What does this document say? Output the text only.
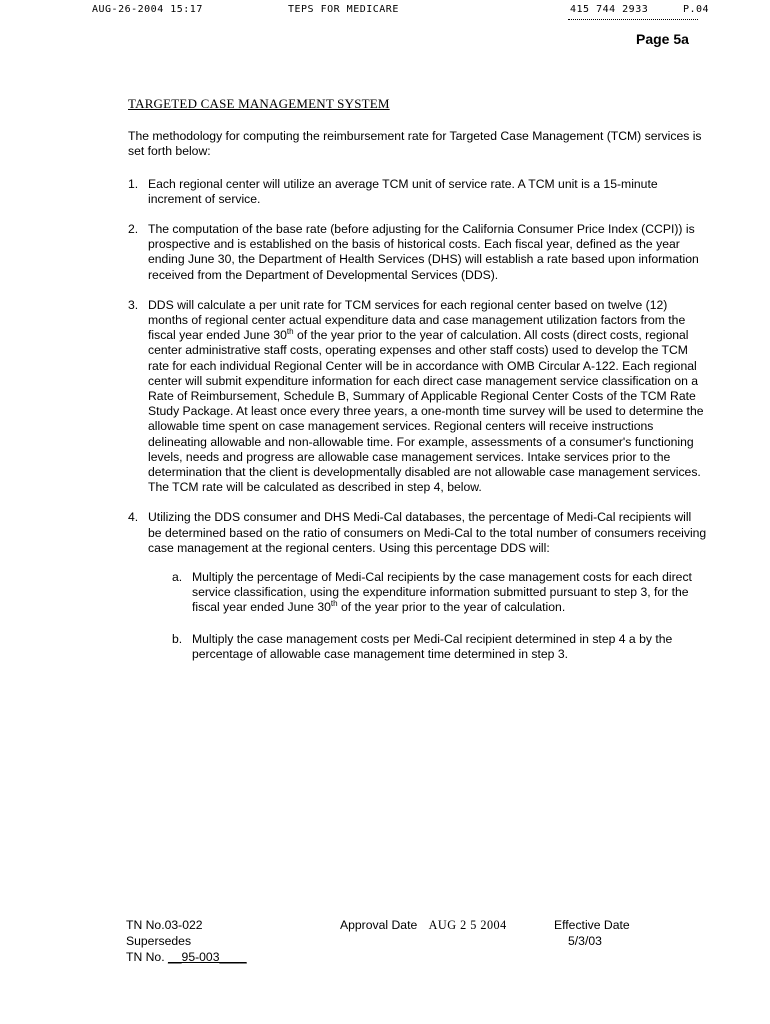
AUG-26-2004 15:17	TEPS FOR MEDICARE	415 744 2933	P.04
Page 5a
TARGETED CASE MANAGEMENT SYSTEM

The methodology for computing the reimbursement rate for Targeted Case Management (TCM) services is set forth below:

1. Each regional center will utilize an average TCM unit of service rate. A TCM unit is a 15-minute increment of service.
2. The computation of the base rate (before adjusting for the California Consumer Price Index (CCPI)) is prospective and is established on the basis of historical costs. Each fiscal year, defined as the year ending June 30, the Department of Health Services (DHS) will establish a rate based upon information received from the Department of Developmental Services (DDS).
3. DDS will calculate a per unit rate for TCM services for each regional center based on twelve (12) months of regional center actual expenditure data and case management utilization factors from the fiscal year ended June 30th of the year prior to the year of calculation. All costs (direct costs, regional center administrative staff costs, operating expenses and other staff costs) used to develop the TCM rate for each individual Regional Center will be in accordance with OMB Circular A-122. Each regional center will submit expenditure information for each direct case management service classification on a Rate of Reimbursement, Schedule B, Summary of Applicable Regional Center Costs of the TCM Rate Study Package. At least once every three years, a one-month time survey will be used to determine the allowable time spent on case management services. Regional centers will receive instructions delineating allowable and non-allowable time. For example, assessments of a consumer's functioning levels, needs and progress are allowable case management services. Intake services prior to the determination that the client is developmentally disabled are not allowable case management services. The TCM rate will be calculated as described in step 4, below.
4. Utilizing the DDS consumer and DHS Medi-Cal databases, the percentage of Medi-Cal recipients will be determined based on the ratio of consumers on Medi-Cal to the total number of consumers receiving case management at the regional centers. Using this percentage DDS will:
a. Multiply the percentage of Medi-Cal recipients by the case management costs for each direct service classification, using the expenditure information submitted pursuant to step 3, for the fiscal year ended June 30th of the year prior to the year of calculation.
b. Multiply the case management costs per Medi-Cal recipient determined in step 4 a by the percentage of allowable case management time determined in step 3.
TN No.03-022
Supersedes
TN No. __95-003____
Approval Date AUG 2 5 2004	Effective Date
5/3/03
